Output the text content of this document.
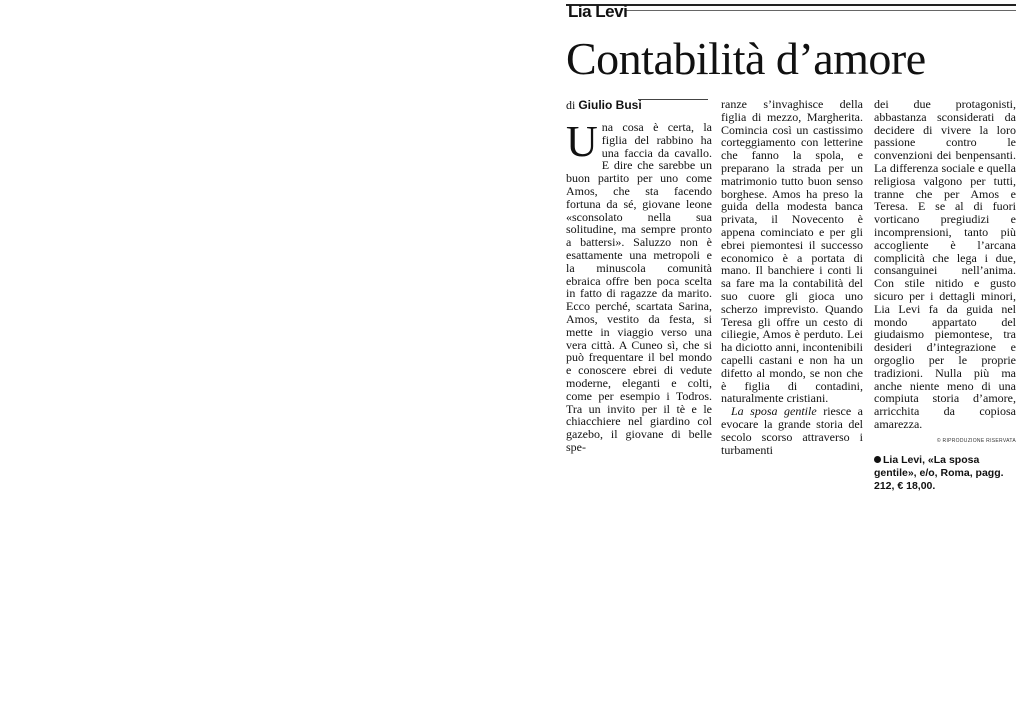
Lia Levi
Contabilità d’amore
di Giulio Busi

Una cosa è certa, la figlia del rabbino ha una faccia da cavallo. E dire che sarebbe un buon partito per uno come Amos, che sta facendo fortuna da sé, giovane leone «sconsolato nella sua solitudine, ma sempre pronto a battersi». Saluzzo non è esattamente una metropoli e la minuscola comunità ebraica offre ben poca scelta in fatto di ragazze da marito. Ecco perché, scartata Sarina, Amos, vestito da festa, si mette in viaggio verso una vera città. A Cuneo sì, che si può frequentare il bel mondo e conoscere ebrei di vedute moderne, eleganti e colti, come per esempio i Todros. Tra un invito per il tè e le chiacchiere nel giardino col gazebo, il giovane di belle spe-

ranze s’invaghisce della figlia di mezzo, Margherita. Comincia così un castissimo corteggiamento con letterine che fanno la spola, e preparano la strada per un matrimonio tutto buon senso borghese. Amos ha preso la guida della modesta banca privata, il Novecento è appena cominciato e per gli ebrei piemontesi il successo economico è a portata di mano. Il banchiere i conti li sa fare ma la contabilità del suo cuore gli gioca uno scherzo imprevisto. Quando Teresa gli offre un cesto di ciliegie, Amos è perduto. Lei ha diciotto anni, incontenibili capelli castani e non ha un difetto al mondo, se non che è figlia di contadini, naturalmente cristiani.

La sposa gentile riesce a evocare la grande storia del secolo scorso attraverso i turbamenti

dei due protagonisti, abbastanza sconsiderati da decidere di vivere la loro passione contro le convenzioni dei benpensanti. La differenza sociale e quella religiosa valgono per tutti, tranne che per Amos e Teresa. E se al di fuori vorticano pregiudizi e incomprensioni, tanto più accogliente è l’arcana complicità che lega i due, consanguinei nell’anima. Con stile nitido e gusto sicuro per i dettagli minori, Lia Levi fa da guida nel mondo appartato del giudaismo piemontese, tra desideri d’integrazione e orgoglio per le proprie tradizioni. Nulla più ma anche niente meno di una compiuta storia d’amore, arricchita da copiosa amarezza.

© RIPRODUZIONE RISERVATA
Lia Levi, «La sposa gentile», e/o, Roma, pagg. 212, € 18,00.
